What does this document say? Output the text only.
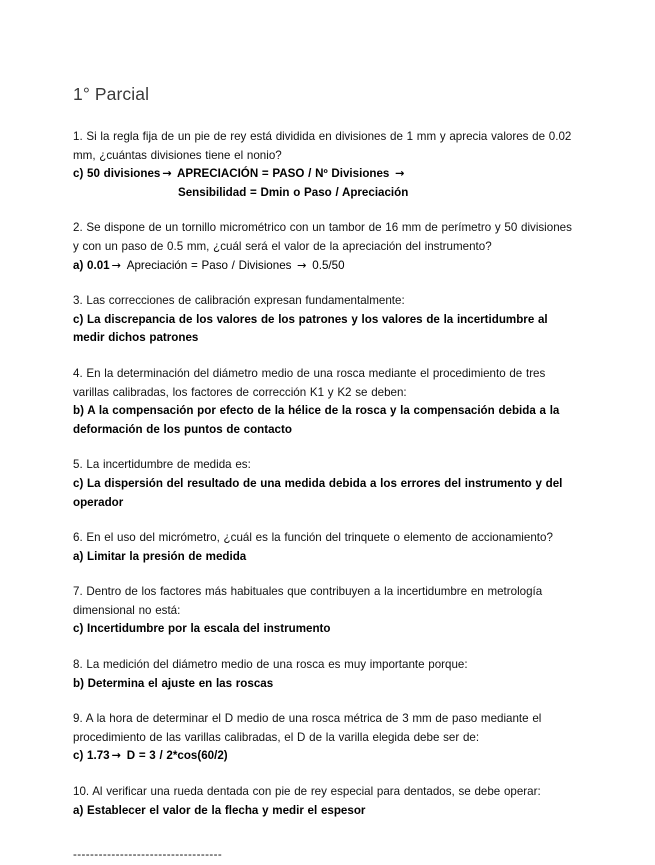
1° Parcial

1. Si la regla fija de un pie de rey está dividida en divisiones de 1 mm y aprecia valores de 0.02 mm, ¿cuántas divisiones tiene el nonio?

c) 50 divisiones → APRECIACIÓN = PASO / Nº Divisiones →

Sensibilidad = Dmin o Paso / Apreciación

2. Se dispone de un tornillo micrométrico con un tambor de 16 mm de perímetro y 50 divisiones y con un paso de 0.5 mm, ¿cuál será el valor de la apreciación del instrumento?

a) 0.01 → Apreciación = Paso / Divisiones → 0.5/50

3. Las correcciones de calibración expresan fundamentalmente:

c) La discrepancia de los valores de los patrones y los valores de la incertidumbre al medir dichos patrones

4. En la determinación del diámetro medio de una rosca mediante el procedimiento de tres varillas calibradas, los factores de corrección K1 y K2 se deben:

b) A la compensación por efecto de la hélice de la rosca y la compensación debida a la deformación de los puntos de contacto

5. La incertidumbre de medida es:

c) La dispersión del resultado de una medida debida a los errores del instrumento y del operador

6. En el uso del micrómetro, ¿cuál es la función del trinquete o elemento de accionamiento?

a) Limitar la presión de medida

7. Dentro de los factores más habituales que contribuyen a la incertidumbre en metrología dimensional no está:

c) Incertidumbre por la escala del instrumento

8. La medición del diámetro medio de una rosca es muy importante porque:

b) Determina el ajuste en las roscas

9. A la hora de determinar el D medio de una rosca métrica de 3 mm de paso mediante el procedimiento de las varillas calibradas, el D de la varilla elegida debe ser de:

c) 1.73 → D = 3 / 2*cos(60/2)

10. Al verificar una rueda dentada con pie de rey especial para dentados, se debe operar:

a) Establecer el valor de la flecha y medir el espesor

-----------------------------------
